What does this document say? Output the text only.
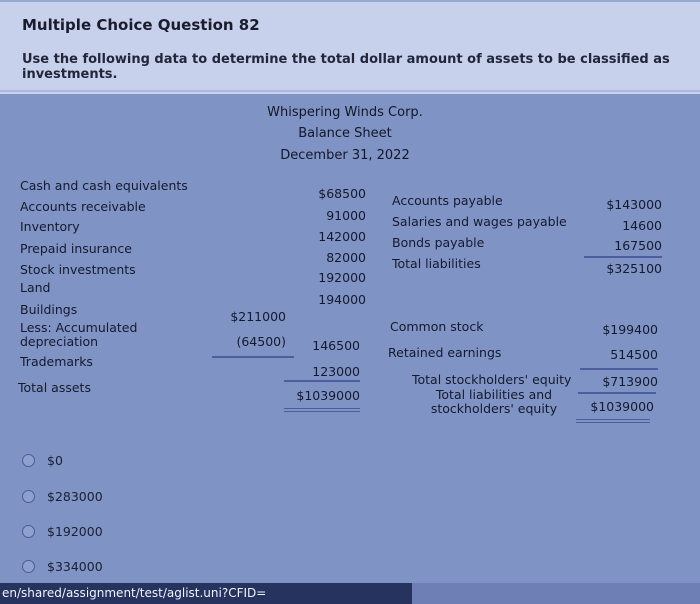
Multiple Choice Question 82
Use the following data to determine the total dollar amount of assets to be classified as investments.
Whispering Winds Corp.
Balance Sheet
December 31, 2022
Cash and cash equivalents
Accounts receivable
Inventory
Prepaid insurance
Stock investments
Land
Buildings
Less: Accumulated depreciation
Trademarks
Total assets
$211000
(64500)
$68500
91000
142000
82000
192000
194000
146500
123000
$1039000
Accounts payable
Salaries and wages payable
Bonds payable
Total liabilities
$143000
14600
167500
$325100
Common stock
Retained earnings
Total stockholders' equity
Total liabilities and stockholders' equity
$199400
514500
$713900
$1039000
$0
$283000
$192000
$334000
en/shared/assignment/test/aglist.uni?CFID=
